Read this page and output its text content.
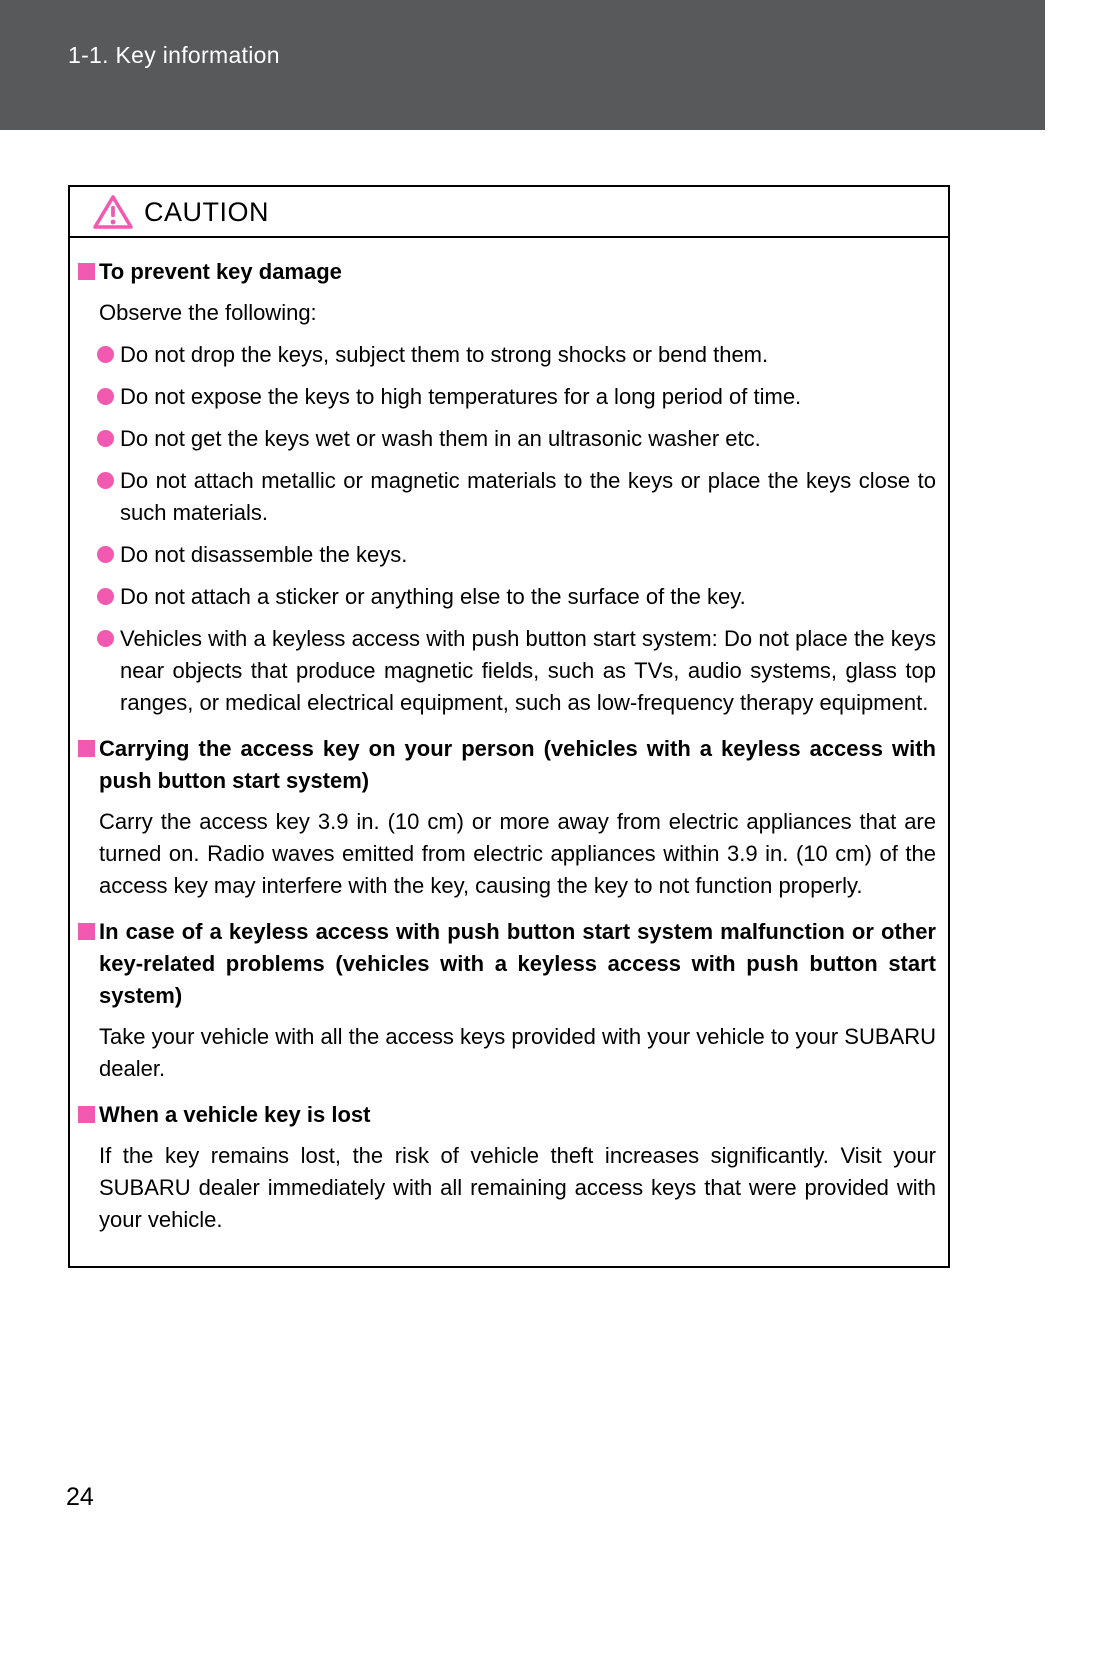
1-1. Key information
CAUTION
To prevent key damage
Observe the following:
Do not drop the keys, subject them to strong shocks or bend them.
Do not expose the keys to high temperatures for a long period of time.
Do not get the keys wet or wash them in an ultrasonic washer etc.
Do not attach metallic or magnetic materials to the keys or place the keys close to such materials.
Do not disassemble the keys.
Do not attach a sticker or anything else to the surface of the key.
Vehicles with a keyless access with push button start system: Do not place the keys near objects that produce magnetic fields, such as TVs, audio systems, glass top ranges, or medical electrical equipment, such as low-frequency therapy equipment.
Carrying the access key on your person (vehicles with a keyless access with push button start system)
Carry the access key 3.9 in. (10 cm) or more away from electric appliances that are turned on. Radio waves emitted from electric appliances within 3.9 in. (10 cm) of the access key may interfere with the key, causing the key to not function properly.
In case of a keyless access with push button start system malfunction or other key-related problems (vehicles with a keyless access with push button start system)
Take your vehicle with all the access keys provided with your vehicle to your SUBARU dealer.
When a vehicle key is lost
If the key remains lost, the risk of vehicle theft increases significantly. Visit your SUBARU dealer immediately with all remaining access keys that were provided with your vehicle.
24
